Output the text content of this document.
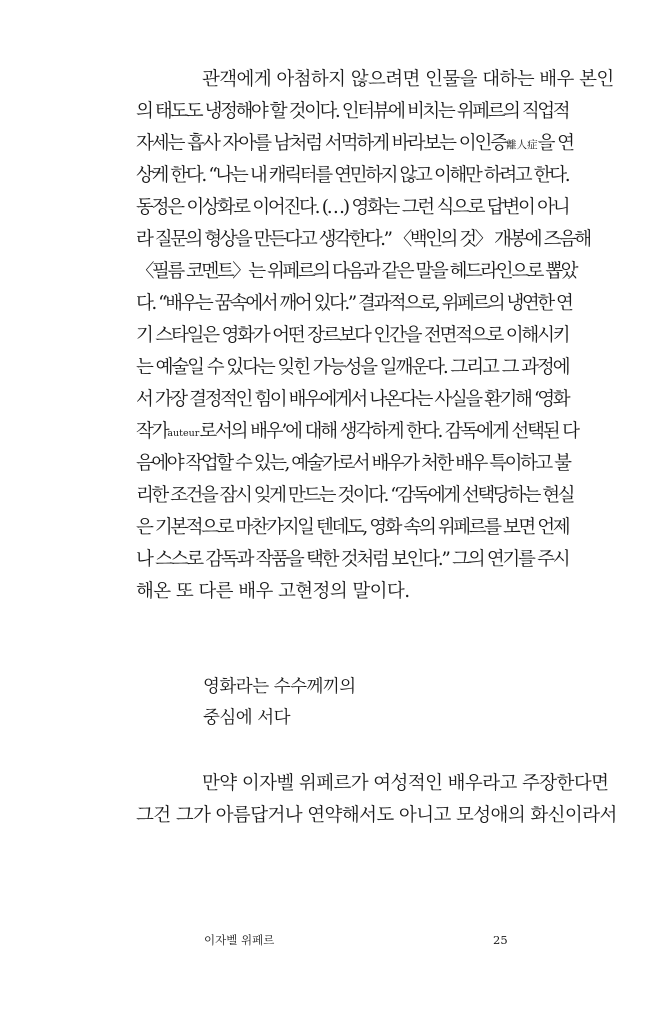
관객에게 아첨하지 않으려면 인물을 대하는 배우 본인
의 태도도 냉정해야 할 것이다. 인터뷰에 비치는 위페르의 직업적
자세는 흡사 자아를 남처럼 서먹하게 바라보는 이인증離人症을 연
상케 한다. “나는 내 캐릭터를 연민하지 않고 이해만 하려고 한다.
동정은 이상화로 이어진다. (…) 영화는 그런 식으로 답변이 아니
라 질문의 형상을 만든다고 생각한다.” 〈백인의 것〉 개봉에 즈음해
〈필름 코멘트〉는 위페르의 다음과 같은 말을 헤드라인으로 뽑았
다. “배우는 꿈속에서 깨어 있다.” 결과적으로, 위페르의 냉연한 연
기 스타일은 영화가 어떤 장르보다 인간을 전면적으로 이해시키
는 예술일 수 있다는 잊힌 가능성을 일깨운다. 그리고 그 과정에
서 가장 결정적인 힘이 배우에게서 나온다는 사실을 환기해 ‘영화
작가auteur로서의 배우’에 대해 생각하게 한다. 감독에게 선택된 다
음에야 작업할 수 있는, 예술가로서 배우가 처한 배우 특이하고 불
리한 조건을 잠시 잊게 만드는 것이다. “감독에게 선택당하는 현실
은 기본적으로 마찬가지일 텐데도, 영화 속의 위페르를 보면 언제
나 스스로 감독과 작품을 택한 것처럼 보인다.” 그의 연기를 주시
해온 또 다른 배우 고현정의 말이다.
영화라는 수수께끼의
중심에 서다
만약 이자벨 위페르가 여성적인 배우라고 주장한다면
그건 그가 아름답거나 연약해서도 아니고 모성애의 화신이라서
이자벨 위페르	25
